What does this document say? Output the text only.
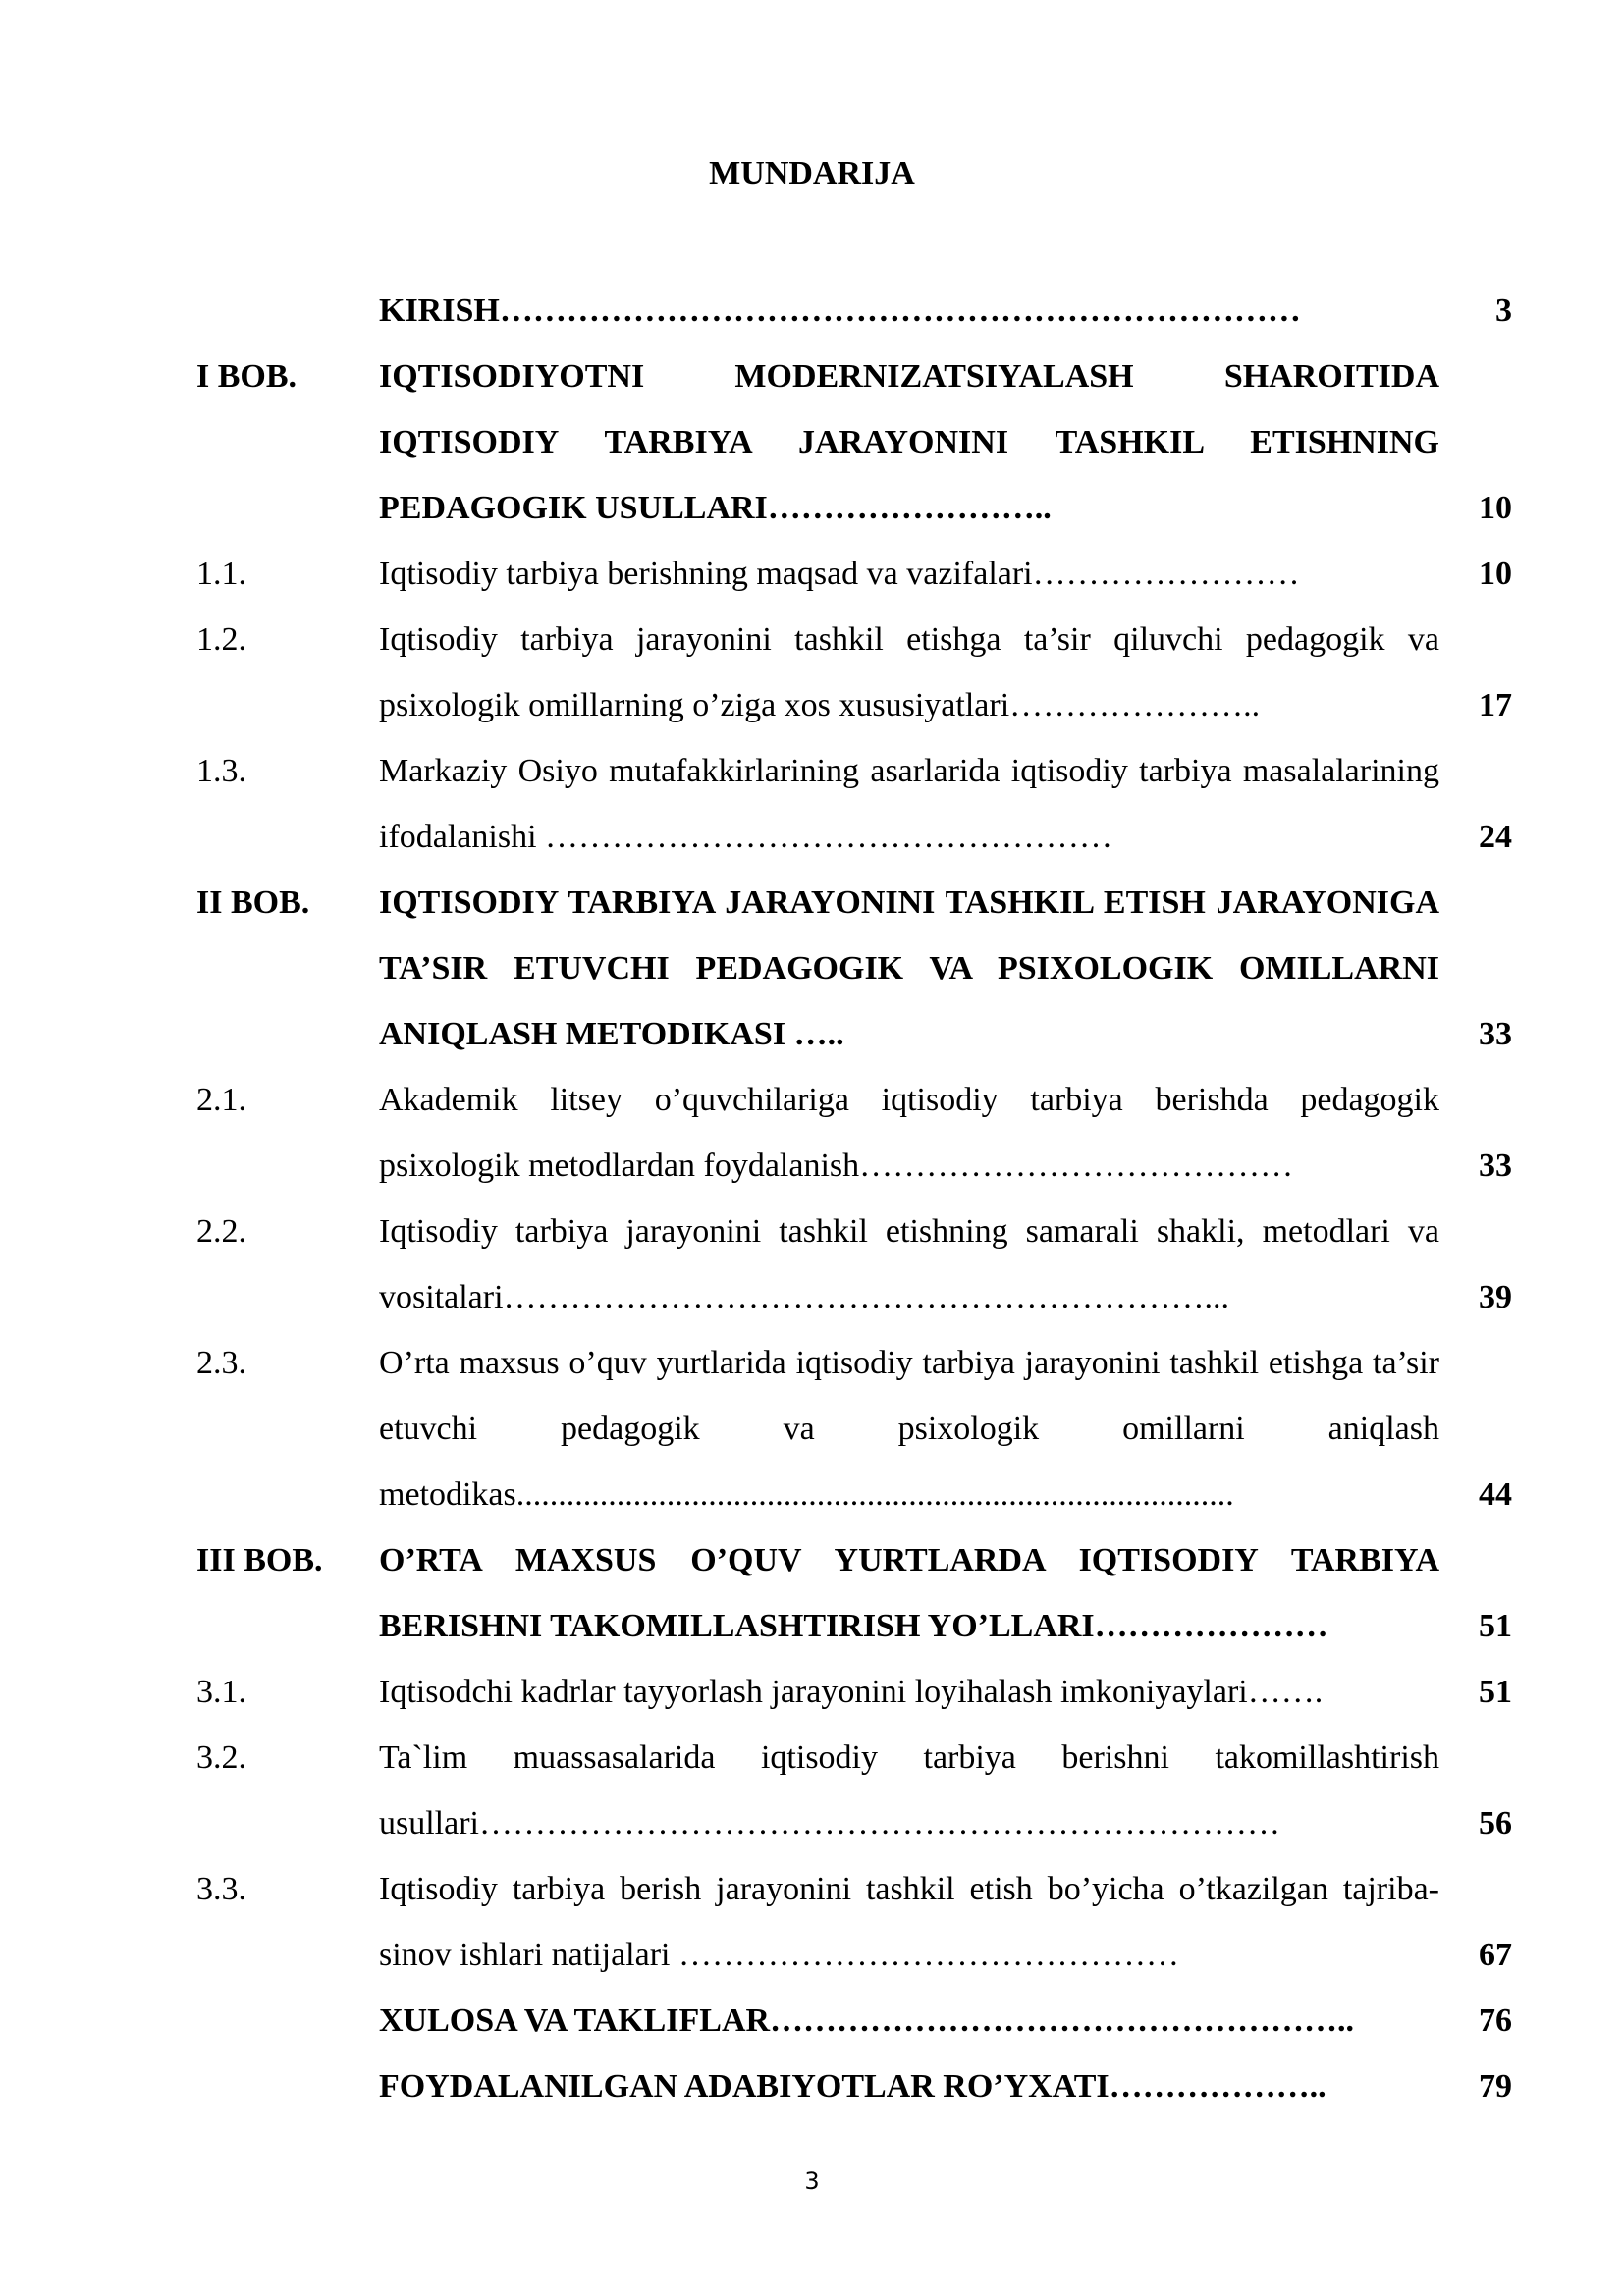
MUNDARIJA
KIRISH………………………………………………………………	3
I BOB.	IQTISODIYOTNI MODERNIZATSIYALASH SHAROITIDA IQTISODIY TARBIYA JARAYONINI TASHKIL ETISHNING PEDAGOGIK USULLARI……………………..	10
1.1.	Iqtisodiy tarbiya berishning maqsad va vazifalari……………………	10
1.2.	Iqtisodiy tarbiya jarayonini tashkil etishga ta’sir qiluvchi pedagogik va psixologik omillarning o’ziga xos xususiyatlari…………………..	17
1.3.	Markaziy Osiyo mutafakkirlarining asarlarida iqtisodiy tarbiya masalalarining ifodalanishi ……………………………………………	24
II BOB.	IQTISODIY TARBIYA JARAYONINI TASHKIL ETISH JARAYONIGA TA’SIR ETUVCHI PEDAGOGIK VA PSIXOLOGIK OMILLARNI ANIQLASH METODIKASI …..	33
2.1.	Akademik litsey o’quvchilariga iqtisodiy tarbiya berishda pedagogik psixologik metodlardan foydalanish…………………………………	33
2.2.	Iqtisodiy tarbiya jarayonini tashkil etishning samarali shakli, metodlari va vositalari………………………………………………………...	39
2.3.	O’rta maxsus o’quv yurtlarida iqtisodiy tarbiya jarayonini tashkil etishga ta’sir etuvchi pedagogik va psixologik omillarni aniqlash metodikas......................................................................................	44
III BOB.	O’RTA MAXSUS O’QUV YURTLARDA IQTISODIY TARBIYA BERISHNI TAKOMILLASHTIRISH YO’LLARI…………………	51
3.1.	Iqtisodchi kadrlar tayyorlash jarayonini loyihalash imkoniyaylari…….	51
3.2.	Ta`lim muassasalarida iqtisodiy tarbiya berishni takomillashtirish usullari………………………………………………………………	56
3.3.	Iqtisodiy tarbiya berish jarayonini tashkil etish bo’yicha o’tkazilgan tajriba-sinov ishlari natijalari ………………………………………	67
XULOSA VA TAKLIFLAR……………………………………………..	76
FOYDALANILGAN ADABIYOTLAR RO’YXATI………………..	79
3
